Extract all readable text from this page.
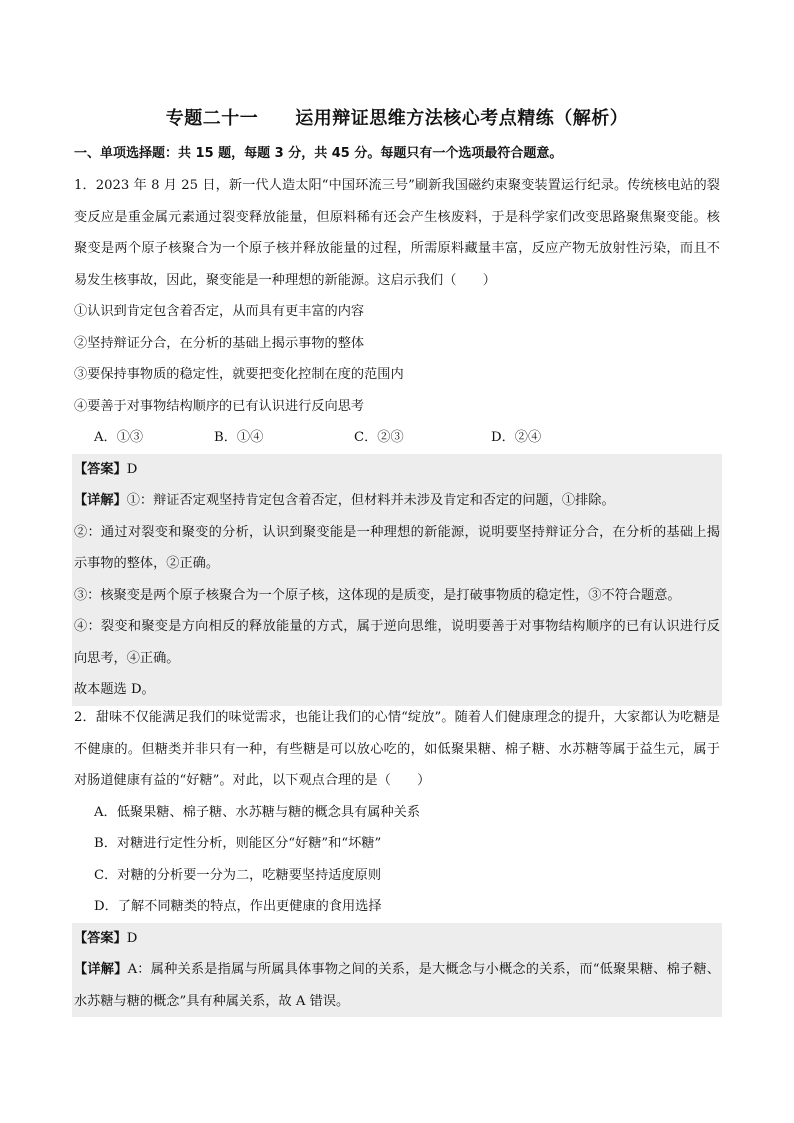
专题二十一　　运用辩证思维方法核心考点精练（解析）
一、单项选择题：共 15 题，每题 3 分，共 45 分。每题只有一个选项最符合题意。

1．2023 年 8 月 25 日，新一代人造太阳“中国环流三号”刷新我国磁约束聚变装置运行纪录。传统核电站的裂变反应是重金属元素通过裂变释放能量，但原料稀有还会产生核废料，于是科学家们改变思路聚焦聚变能。核聚变是两个原子核聚合为一个原子核并释放能量的过程，所需原料藏量丰富，反应产物无放射性污染，而且不易发生核事故，因此，聚变能是一种理想的新能源。这启示我们（　　）

①认识到肯定包含着否定，从而具有更丰富的内容

②坚持辩证分合，在分析的基础上揭示事物的整体

③要保持事物质的稳定性，就要把变化控制在度的范围内

④要善于对事物结构顺序的已有认识进行反向思考

A．①③	B．①④	C．②③	D．②④

【答案】D

【详解】①：辩证否定观坚持肯定包含着否定，但材料并未涉及肯定和否定的问题，①排除。

②：通过对裂变和聚变的分析，认识到聚变能是一种理想的新能源，说明要坚持辩证分合，在分析的基础上揭示事物的整体，②正确。

③：核聚变是两个原子核聚合为一个原子核，这体现的是质变，是打破事物质的稳定性，③不符合题意。

④：裂变和聚变是方向相反的释放能量的方式，属于逆向思维，说明要善于对事物结构顺序的已有认识进行反向思考，④正确。

故本题选 D。

2．甜味不仅能满足我们的味觉需求，也能让我们的心情“绽放”。随着人们健康理念的提升，大家都认为吃糖是不健康的。但糖类并非只有一种，有些糖是可以放心吃的，如低聚果糖、棉子糖、水苏糖等属于益生元，属于对肠道健康有益的“好糖”。对此，以下观点合理的是（　　）

A．低聚果糖、棉子糖、水苏糖与糖的概念具有属种关系

B．对糖进行定性分析，则能区分“好糖”和“坏糖”

C．对糖的分析要一分为二，吃糖要坚持适度原则

D．了解不同糖类的特点，作出更健康的食用选择

【答案】D

【详解】A：属种关系是指属与所属具体事物之间的关系，是大概念与小概念的关系，而“低聚果糖、棉子糖、水苏糖与糖的概念”具有种属关系，故 A 错误。
